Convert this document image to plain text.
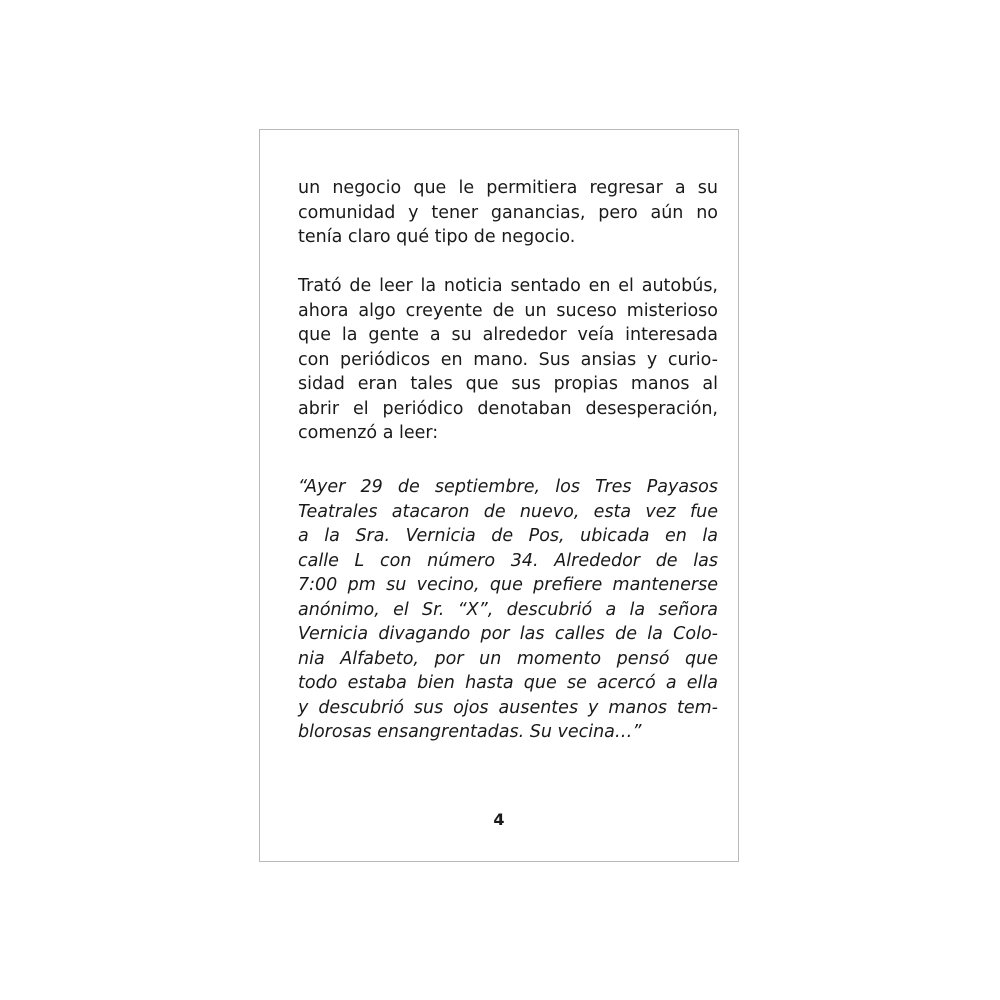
un negocio que le permitiera regresar a su
comunidad y tener ganancias, pero aún no
tenía claro qué tipo de negocio.
Trató de leer la noticia sentado en el autobús,
ahora algo creyente de un suceso misterioso
que la gente a su alrededor veía interesada
con periódicos en mano. Sus ansias y curio-
sidad eran tales que sus propias manos al
abrir el periódico denotaban desesperación,
comenzó a leer:
“Ayer 29 de septiembre, los Tres Payasos
Teatrales atacaron de nuevo, esta vez fue
a la Sra. Vernicia de Pos, ubicada en la
calle L con número 34. Alrededor de las
7:00 pm su vecino, que prefiere mantenerse
anónimo, el Sr. “X”, descubrió a la señora
Vernicia divagando por las calles de la Colo-
nia Alfabeto, por un momento pensó que
todo estaba bien hasta que se acercó a ella
y descubrió sus ojos ausentes y manos tem-
blorosas ensangrentadas. Su vecina…”
4
